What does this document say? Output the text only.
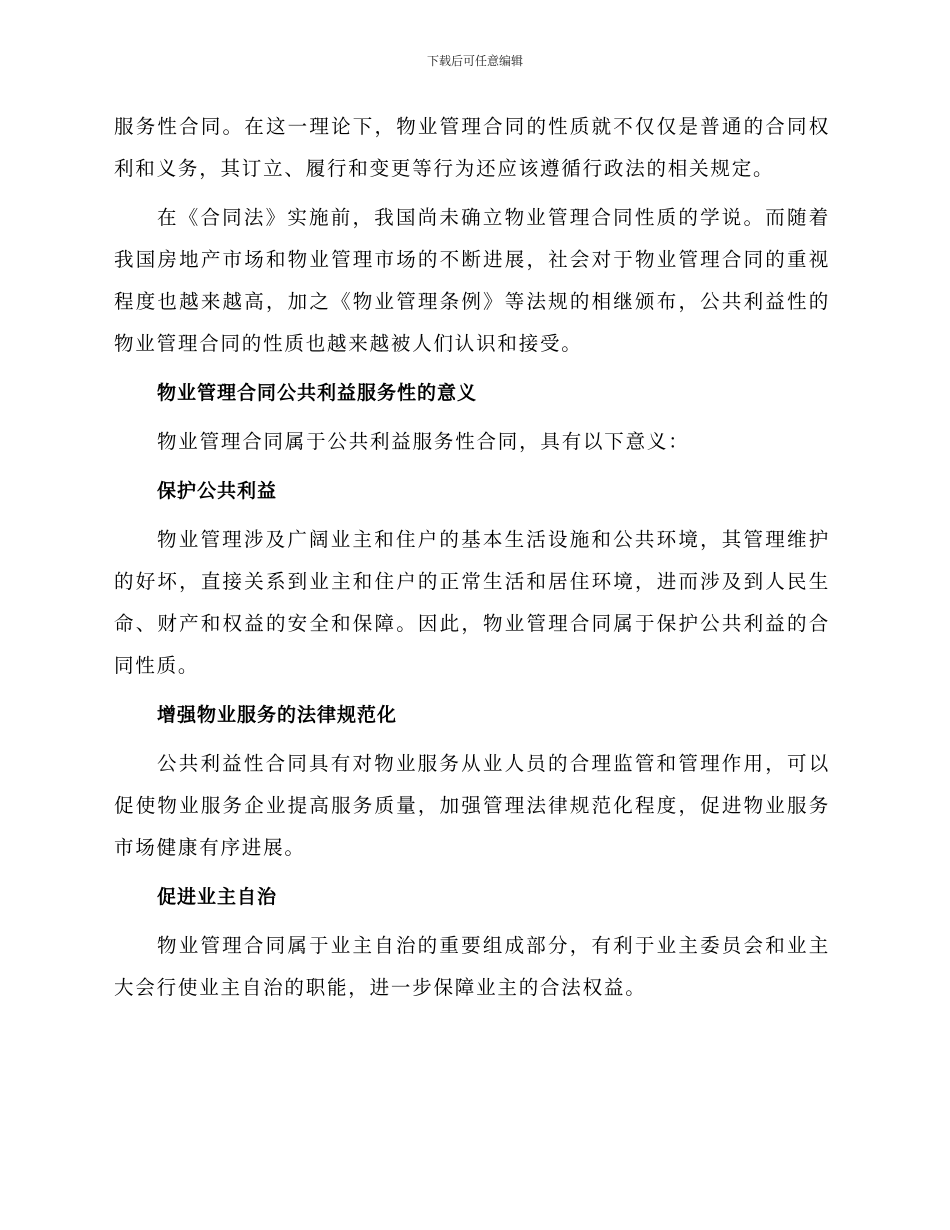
下载后可任意编辑

服务性合同。在这一理论下，物业管理合同的性质就不仅仅是普通的合同权利和义务，其订立、履行和变更等行为还应该遵循行政法的相关规定。

在《合同法》实施前，我国尚未确立物业管理合同性质的学说。而随着我国房地产市场和物业管理市场的不断进展，社会对于物业管理合同的重视程度也越来越高，加之《物业管理条例》等法规的相继颁布，公共利益性的物业管理合同的性质也越来越被人们认识和接受。

物业管理合同公共利益服务性的意义

物业管理合同属于公共利益服务性合同，具有以下意义：

保护公共利益

物业管理涉及广阔业主和住户的基本生活设施和公共环境，其管理维护的好坏，直接关系到业主和住户的正常生活和居住环境，进而涉及到人民生命、财产和权益的安全和保障。因此，物业管理合同属于保护公共利益的合同性质。

增强物业服务的法律规范化

公共利益性合同具有对物业服务从业人员的合理监管和管理作用，可以促使物业服务企业提高服务质量，加强管理法律规范化程度，促进物业服务市场健康有序进展。

促进业主自治

物业管理合同属于业主自治的重要组成部分，有利于业主委员会和业主大会行使业主自治的职能，进一步保障业主的合法权益。
